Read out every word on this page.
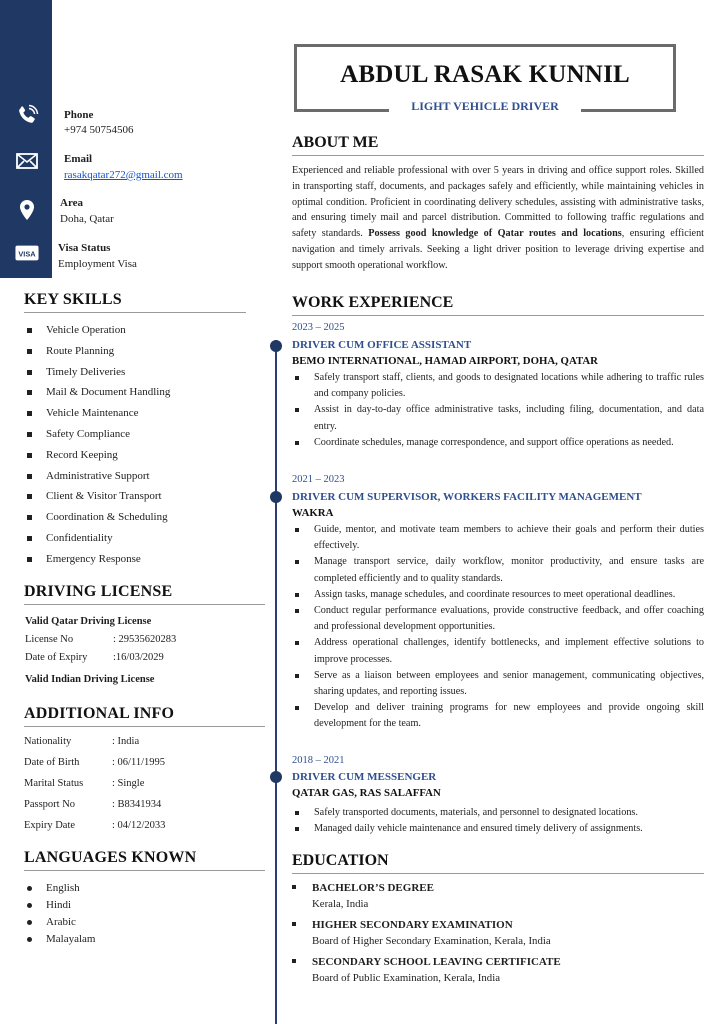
Phone
+974 50754506
Email
rasakqatar272@gmail.com
Area
Doha, Qatar
VISA
Visa Status
Employment Visa
KEY SKILLS
Vehicle Operation
Route Planning
Timely Deliveries
Mail & Document Handling
Vehicle Maintenance
Safety Compliance
Record Keeping
Administrative Support
Client & Visitor Transport
Coordination & Scheduling
Confidentiality
Emergency Response
DRIVING LICENSE
Valid Qatar Driving License
License No	: 29535620283
Date of Expiry :16/03/2029
Valid Indian Driving License
ADDITIONAL INFO
Nationality	: India
Date of Birth	: 06/11/1995
Marital Status	: Single
Passport No	: B8341934
Expiry Date	: 04/12/2033
LANGUAGES KNOWN
English
Hindi
Arabic
Malayalam
ABDUL RASAK KUNNIL
LIGHT VEHICLE DRIVER
ABOUT ME

Experienced and reliable professional with over 5 years in driving and office support roles. Skilled in transporting staff, documents, and packages safely and efficiently, while maintaining vehicles in optimal condition. Proficient in coordinating delivery schedules, assisting with administrative tasks, and ensuring timely mail and parcel distribution. Committed to following traffic regulations and safety standards. Possess good knowledge of Qatar routes and locations, ensuring efficient navigation and timely arrivals. Seeking a light driver position to leverage driving expertise and support smooth operational workflow.

WORK EXPERIENCE
2023 – 2025
DRIVER CUM OFFICE ASSISTANT
BEMO INTERNATIONAL, HAMAD AIRPORT, DOHA, QATAR
Safely transport staff, clients, and goods to designated locations while adhering to traffic rules and company policies.
Assist in day-to-day office administrative tasks, including filing, documentation, and data entry.
Coordinate schedules, manage correspondence, and support office operations as needed.
2021 – 2023
DRIVER CUM SUPERVISOR, WORKERS FACILITY MANAGEMENT
WAKRA
Guide, mentor, and motivate team members to achieve their goals and perform their duties effectively.
Manage transport service, daily workflow, monitor productivity, and ensure tasks are completed efficiently and to quality standards.
Assign tasks, manage schedules, and coordinate resources to meet operational deadlines.
Conduct regular performance evaluations, provide constructive feedback, and offer coaching and professional development opportunities.
Address operational challenges, identify bottlenecks, and implement effective solutions to improve processes.
Serve as a liaison between employees and senior management, communicating objectives, sharing updates, and reporting issues.
Develop and deliver training programs for new employees and provide ongoing skill development for the team.
2018 – 2021
DRIVER CUM MESSENGER
QATAR GAS, RAS SALAFFAN
Safely transported documents, materials, and personnel to designated locations.
Managed daily vehicle maintenance and ensured timely delivery of assignments.
EDUCATION
BACHELOR’S DEGREE
Kerala, India
HIGHER SECONDARY EXAMINATION
Board of Higher Secondary Examination, Kerala, India
SECONDARY SCHOOL LEAVING CERTIFICATE
Board of Public Examination, Kerala, India
